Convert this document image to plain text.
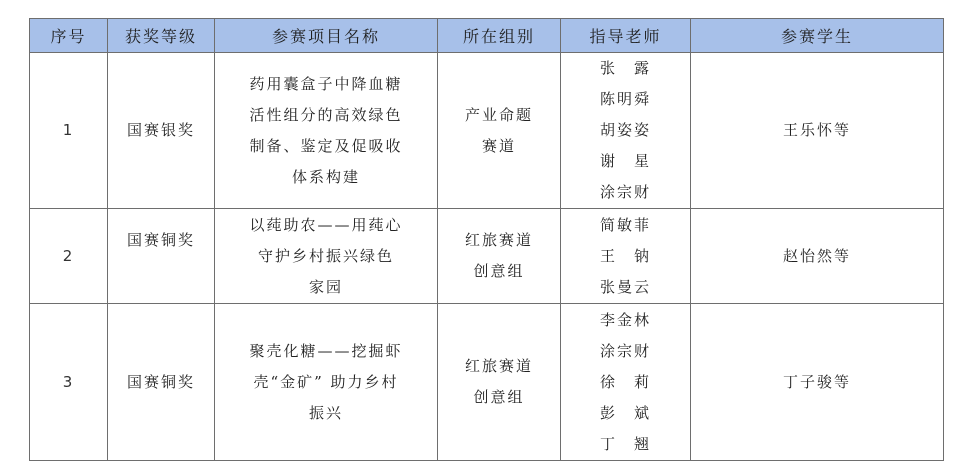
序号	获奖等级	参赛项目名称	所在组别	指导老师	参赛学生
1	国赛银奖	药用囊盒子中降血糖
活性组分的高效绿色
制备、鉴定及促吸收
体系构建	产业命题
赛道	张　露
陈明舜
胡姿姿
谢　星
涂宗财	王乐怀等
2	国赛铜奖	以莼助农——用莼心
守护乡村振兴绿色
家园	红旅赛道
创意组	简敏菲
王　钠
张曼云	赵怡然等
3	国赛铜奖	聚壳化糖——挖掘虾
壳“金矿” 助力乡村
振兴	红旅赛道
创意组	李金林
涂宗财
徐　莉
彭　斌
丁　翘	丁子骏等
